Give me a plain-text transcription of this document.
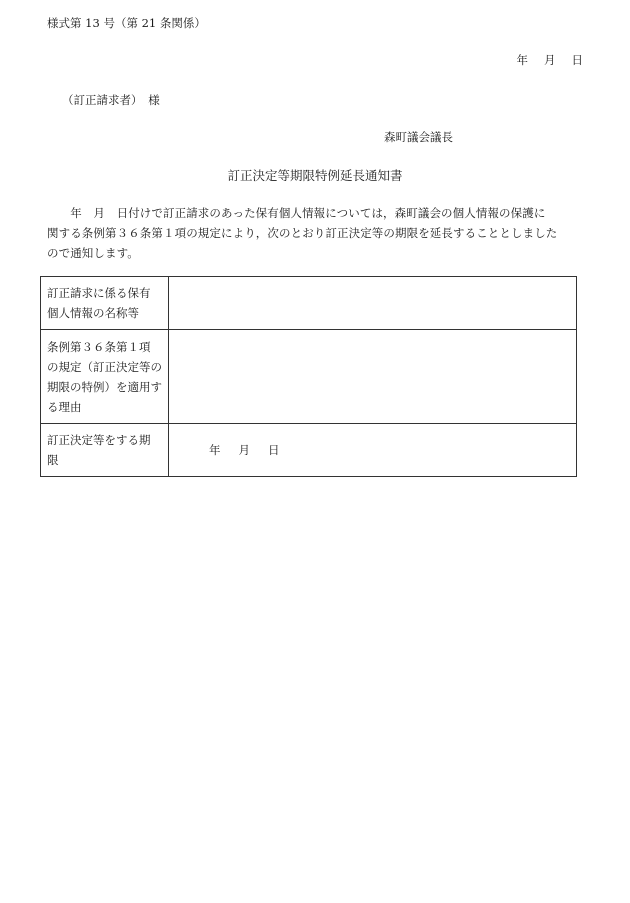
様式第 13 号（第 21 条関係）
年 月 日
（訂正請求者）　様
森町議会議長
訂正決定等期限特例延長通知書
　　年　月　日付けで訂正請求のあった保有個人情報については，森町議会の個人情報の保護に
関する条例第３６条第１項の規定により，次のとおり訂正決定等の期限を延長することとしました
ので通知します。
訂正請求に係る保有
個人情報の名称等	

条例第３６条第１項
の規定（訂正決定等の
期限の特例）を適用す
る理由	

訂正決定等をする期
限	年 月 日
